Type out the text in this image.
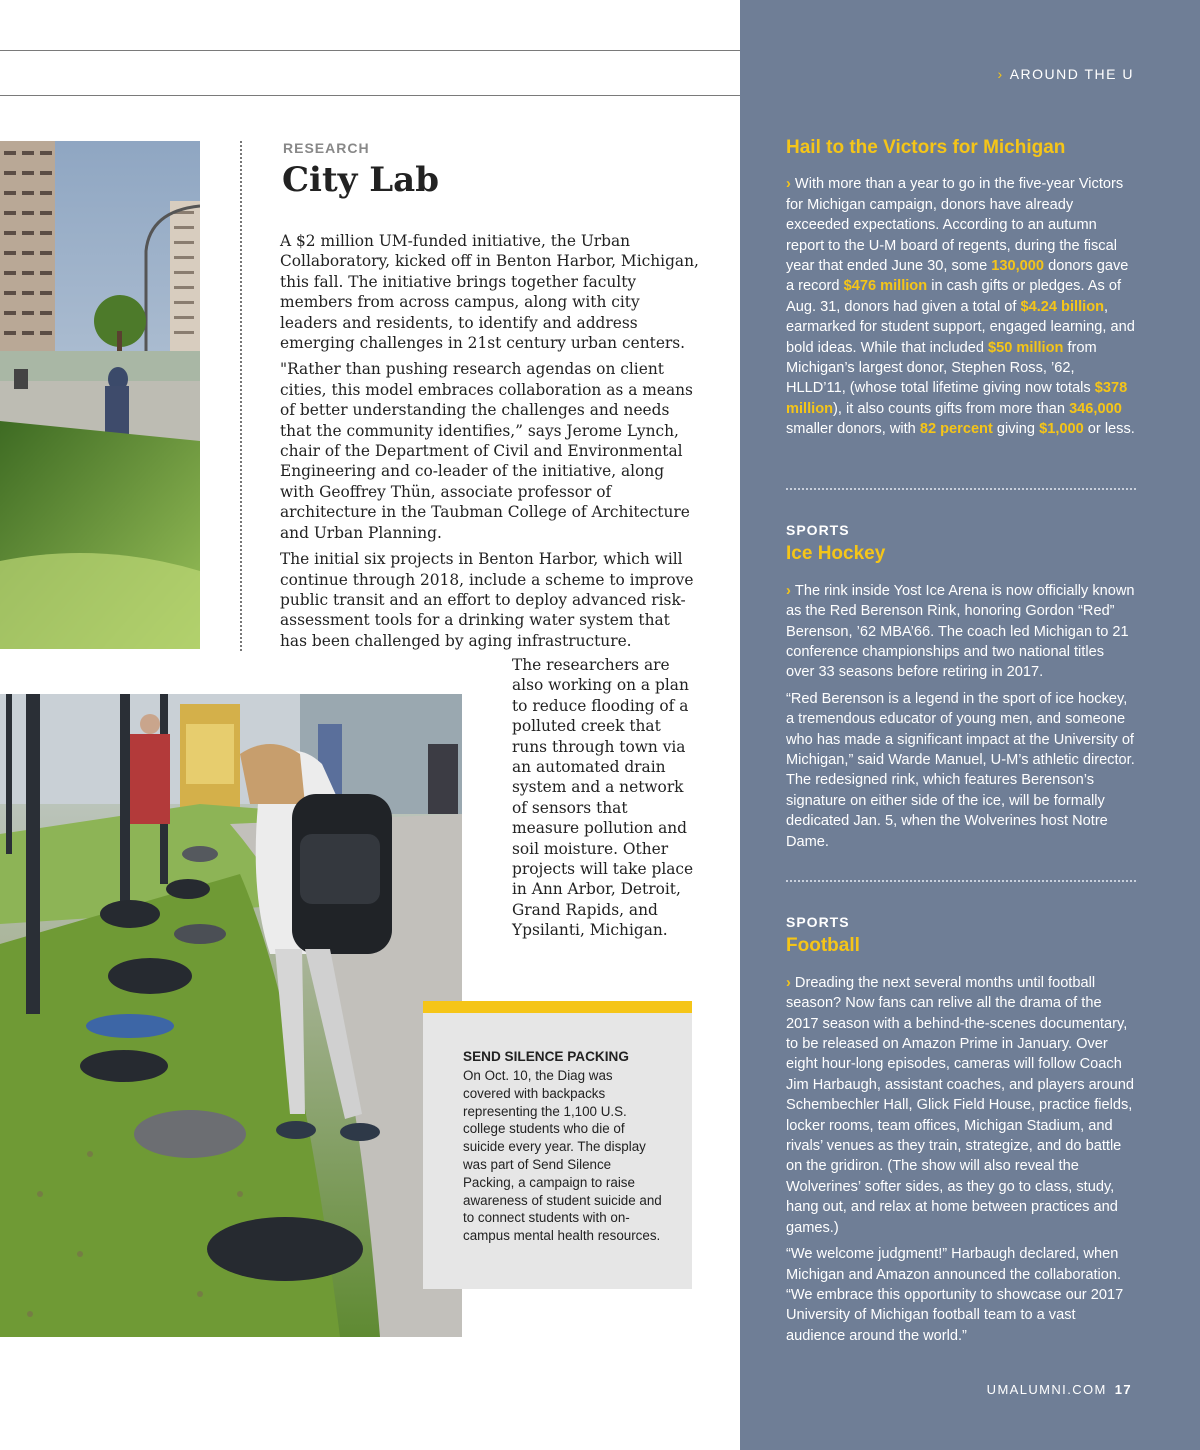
› AROUND THE U
Hail to the Victors for Michigan

› With more than a year to go in the five-year Victors for Michigan campaign, donors have already exceeded expectations. According to an autumn report to the U-M board of regents, during the fiscal year that ended June 30, some 130,000 donors gave a record $476 million in cash gifts or pledges. As of Aug. 31, donors had given a total of $4.24 billion, earmarked for student support, engaged learning, and bold ideas. While that included $50 million from Michigan’s largest donor, Stephen Ross, ’62, HLLD’11, (whose total lifetime giving now totals $378 million), it also counts gifts from more than 346,000 smaller donors, with 82 percent giving $1,000 or less.

SPORTS

Ice Hockey

› The rink inside Yost Ice Arena is now officially known as the Red Berenson Rink, honoring Gordon “Red” Berenson, ’62 MBA’66. The coach led Michigan to 21 conference championships and two national titles over 33 seasons before retiring in 2017.

“Red Berenson is a legend in the sport of ice hockey, a tremendous educator of young men, and someone who has made a significant impact at the University of Michigan,” said Warde Manuel, U-M’s athletic director. The redesigned rink, which features Berenson’s signature on either side of the ice, will be formally dedicated Jan. 5, when the Wolverines host Notre Dame.

SPORTS

Football

› Dreading the next several months until football season? Now fans can relive all the drama of the 2017 season with a behind-the-scenes documentary, to be released on Amazon Prime in January. Over eight hour-long episodes, cameras will follow Coach Jim Harbaugh, assistant coaches, and players around Schembechler Hall, Glick Field House, practice fields, locker rooms, team offices, Michigan Stadium, and rivals’ venues as they train, strategize, and do battle on the gridiron. (The show will also reveal the Wolverines’ softer sides, as they go to class, study, hang out, and relax at home between practices and games.)

“We welcome judgment!” Harbaugh declared, when Michigan and Amazon announced the collaboration. “We embrace this opportunity to showcase our 2017 University of Michigan football team to a vast audience around the world.”

UMALUMNI.COM 17
RESEARCH
City Lab

A $2 million UM-funded initiative, the Urban Collaboratory, kicked off in Benton Harbor, Michigan, this fall. The initiative brings together faculty members from across campus, along with city leaders and residents, to identify and address emerging challenges in 21st century urban centers.

"Rather than pushing research agendas on client cities, this model embraces collaboration as a means of better understanding the challenges and needs that the community identifies,” says Jerome Lynch, chair of the Department of Civil and Environmental Engineering and co-leader of the initiative, along with Geoffrey Thün, associate professor of architecture in the Taubman College of Architecture and Urban Planning.

The initial six projects in Benton Harbor, which will continue through 2018, include a scheme to improve public transit and an effort to deploy advanced risk-assessment tools for a drinking water system that has been challenged by aging infrastructure.

The researchers are also working on a plan to reduce flooding of a polluted creek that runs through town via an automated drain system and a network of sensors that measure pollution and soil moisture. Other projects will take place in Ann Arbor, Detroit, Grand Rapids, and Ypsilanti, Michigan.

SEND SILENCE PACKING

On Oct. 10, the Diag was covered with backpacks representing the 1,100 U.S. college students who die of suicide every year. The display was part of Send Silence Packing, a campaign to raise awareness of student suicide and to connect students with on-campus mental health resources.
